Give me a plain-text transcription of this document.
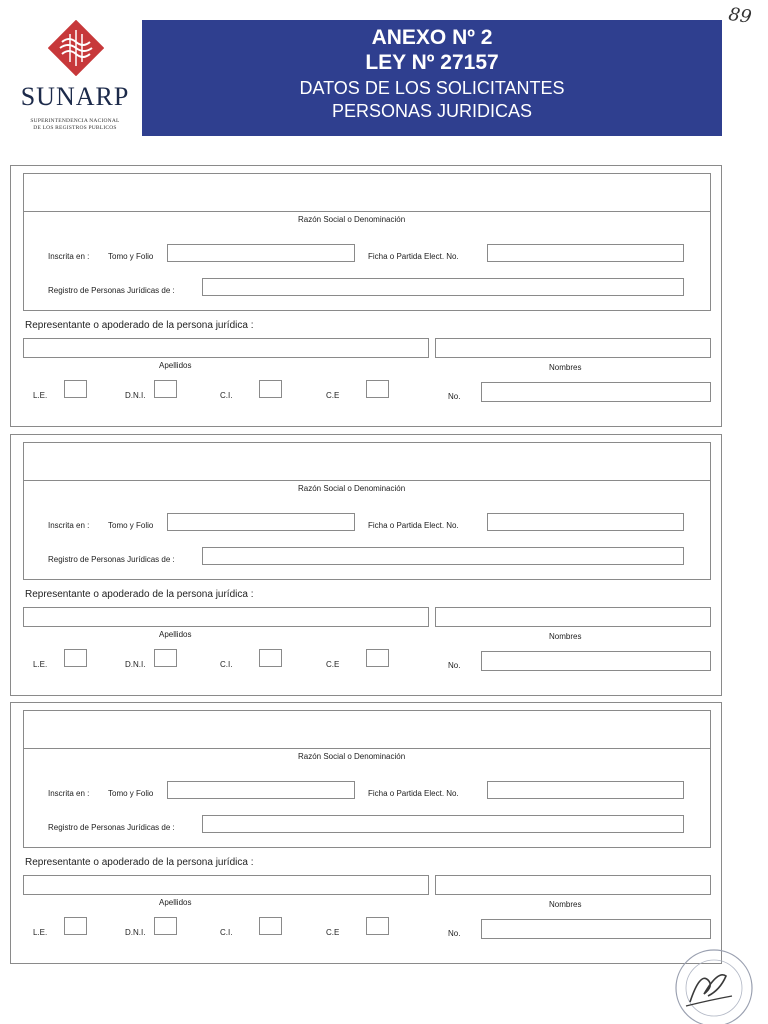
SUNARP
SUPERINTENDENCIA NACIONAL
DE LOS REGISTROS PUBLICOS
ANEXO Nº 2
LEY Nº 27157
DATOS DE LOS SOLICITANTES
PERSONAS JURIDICAS
89
Razón Social o Denominación
Inscrita en : Tomo y Folio	Ficha o Partida Elect. No.
Registro de Personas Jurídicas de :
Representante o apoderado de la persona jurídica :
Apellidos	Nombres
L.E.	D.N.I.	C.I.	C.E	No.
Razón Social o Denominación
Inscrita en : Tomo y Folio	Ficha o Partida Elect. No.
Registro de Personas Jurídicas de :
Representante o apoderado de la persona jurídica :
Apellidos	Nombres
L.E.	D.N.I.	C.I.	C.E	No.
Razón Social o Denominación
Inscrita en : Tomo y Folio	Ficha o Partida Elect. No.
Registro de Personas Jurídicas de :
Representante o apoderado de la persona jurídica :
Apellidos	Nombres
L.E.	D.N.I.	C.I.	C.E	No.
